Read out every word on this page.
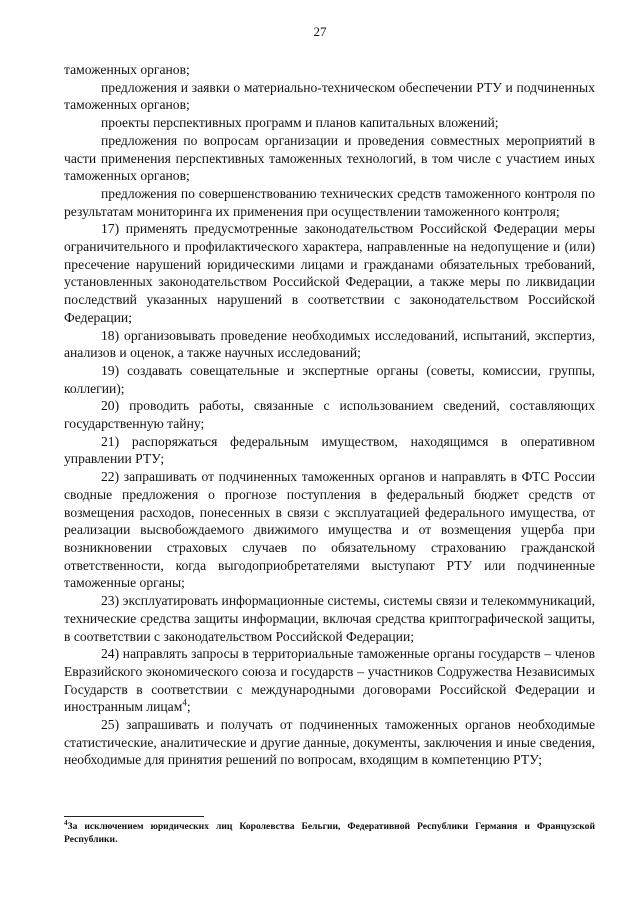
27

таможенных органов;

предложения и заявки о материально-техническом обеспечении РТУ и подчиненных таможенных органов;

проекты перспективных программ и планов капитальных вложений;

предложения по вопросам организации и проведения совместных мероприятий в части применения перспективных таможенных технологий, в том числе с участием иных таможенных органов;

предложения по совершенствованию технических средств таможенного контроля по результатам мониторинга их применения при осуществлении таможенного контроля;

17) применять предусмотренные законодательством Российской Федерации меры ограничительного и профилактического характера, направленные на недопущение и (или) пресечение нарушений юридическими лицами и гражданами обязательных требований, установленных законодательством Российской Федерации, а также меры по ликвидации последствий указанных нарушений в соответствии с законодательством Российской Федерации;

18) организовывать проведение необходимых исследований, испытаний, экспертиз, анализов и оценок, а также научных исследований;

19) создавать совещательные и экспертные органы (советы, комиссии, группы, коллегии);

20) проводить работы, связанные с использованием сведений, составляющих государственную тайну;

21) распоряжаться федеральным имуществом, находящимся в оперативном управлении РТУ;

22) запрашивать от подчиненных таможенных органов и направлять в ФТС России сводные предложения о прогнозе поступления в федеральный бюджет средств от возмещения расходов, понесенных в связи с эксплуатацией федерального имущества, от реализации высвобождаемого движимого имущества и от возмещения ущерба при возникновении страховых случаев по обязательному страхованию гражданской ответственности, когда выгодоприобретателями выступают РТУ или подчиненные таможенные органы;

23) эксплуатировать информационные системы, системы связи и телекоммуникаций, технические средства защиты информации, включая средства криптографической защиты, в соответствии с законодательством Российской Федерации;

24) направлять запросы в территориальные таможенные органы государств – членов Евразийского экономического союза и государств – участников Содружества Независимых Государств в соответствии с международными договорами Российской Федерации и иностранным лицам$^4$;

25) запрашивать и получать от подчиненных таможенных органов необходимые статистические, аналитические и другие данные, документы, заключения и иные сведения, необходимые для принятия решений по вопросам, входящим в компетенцию РТУ;

$^4$За исключением юридических лиц Королевства Бельгии, Федеративной Республики Германия и Французской Республики.
